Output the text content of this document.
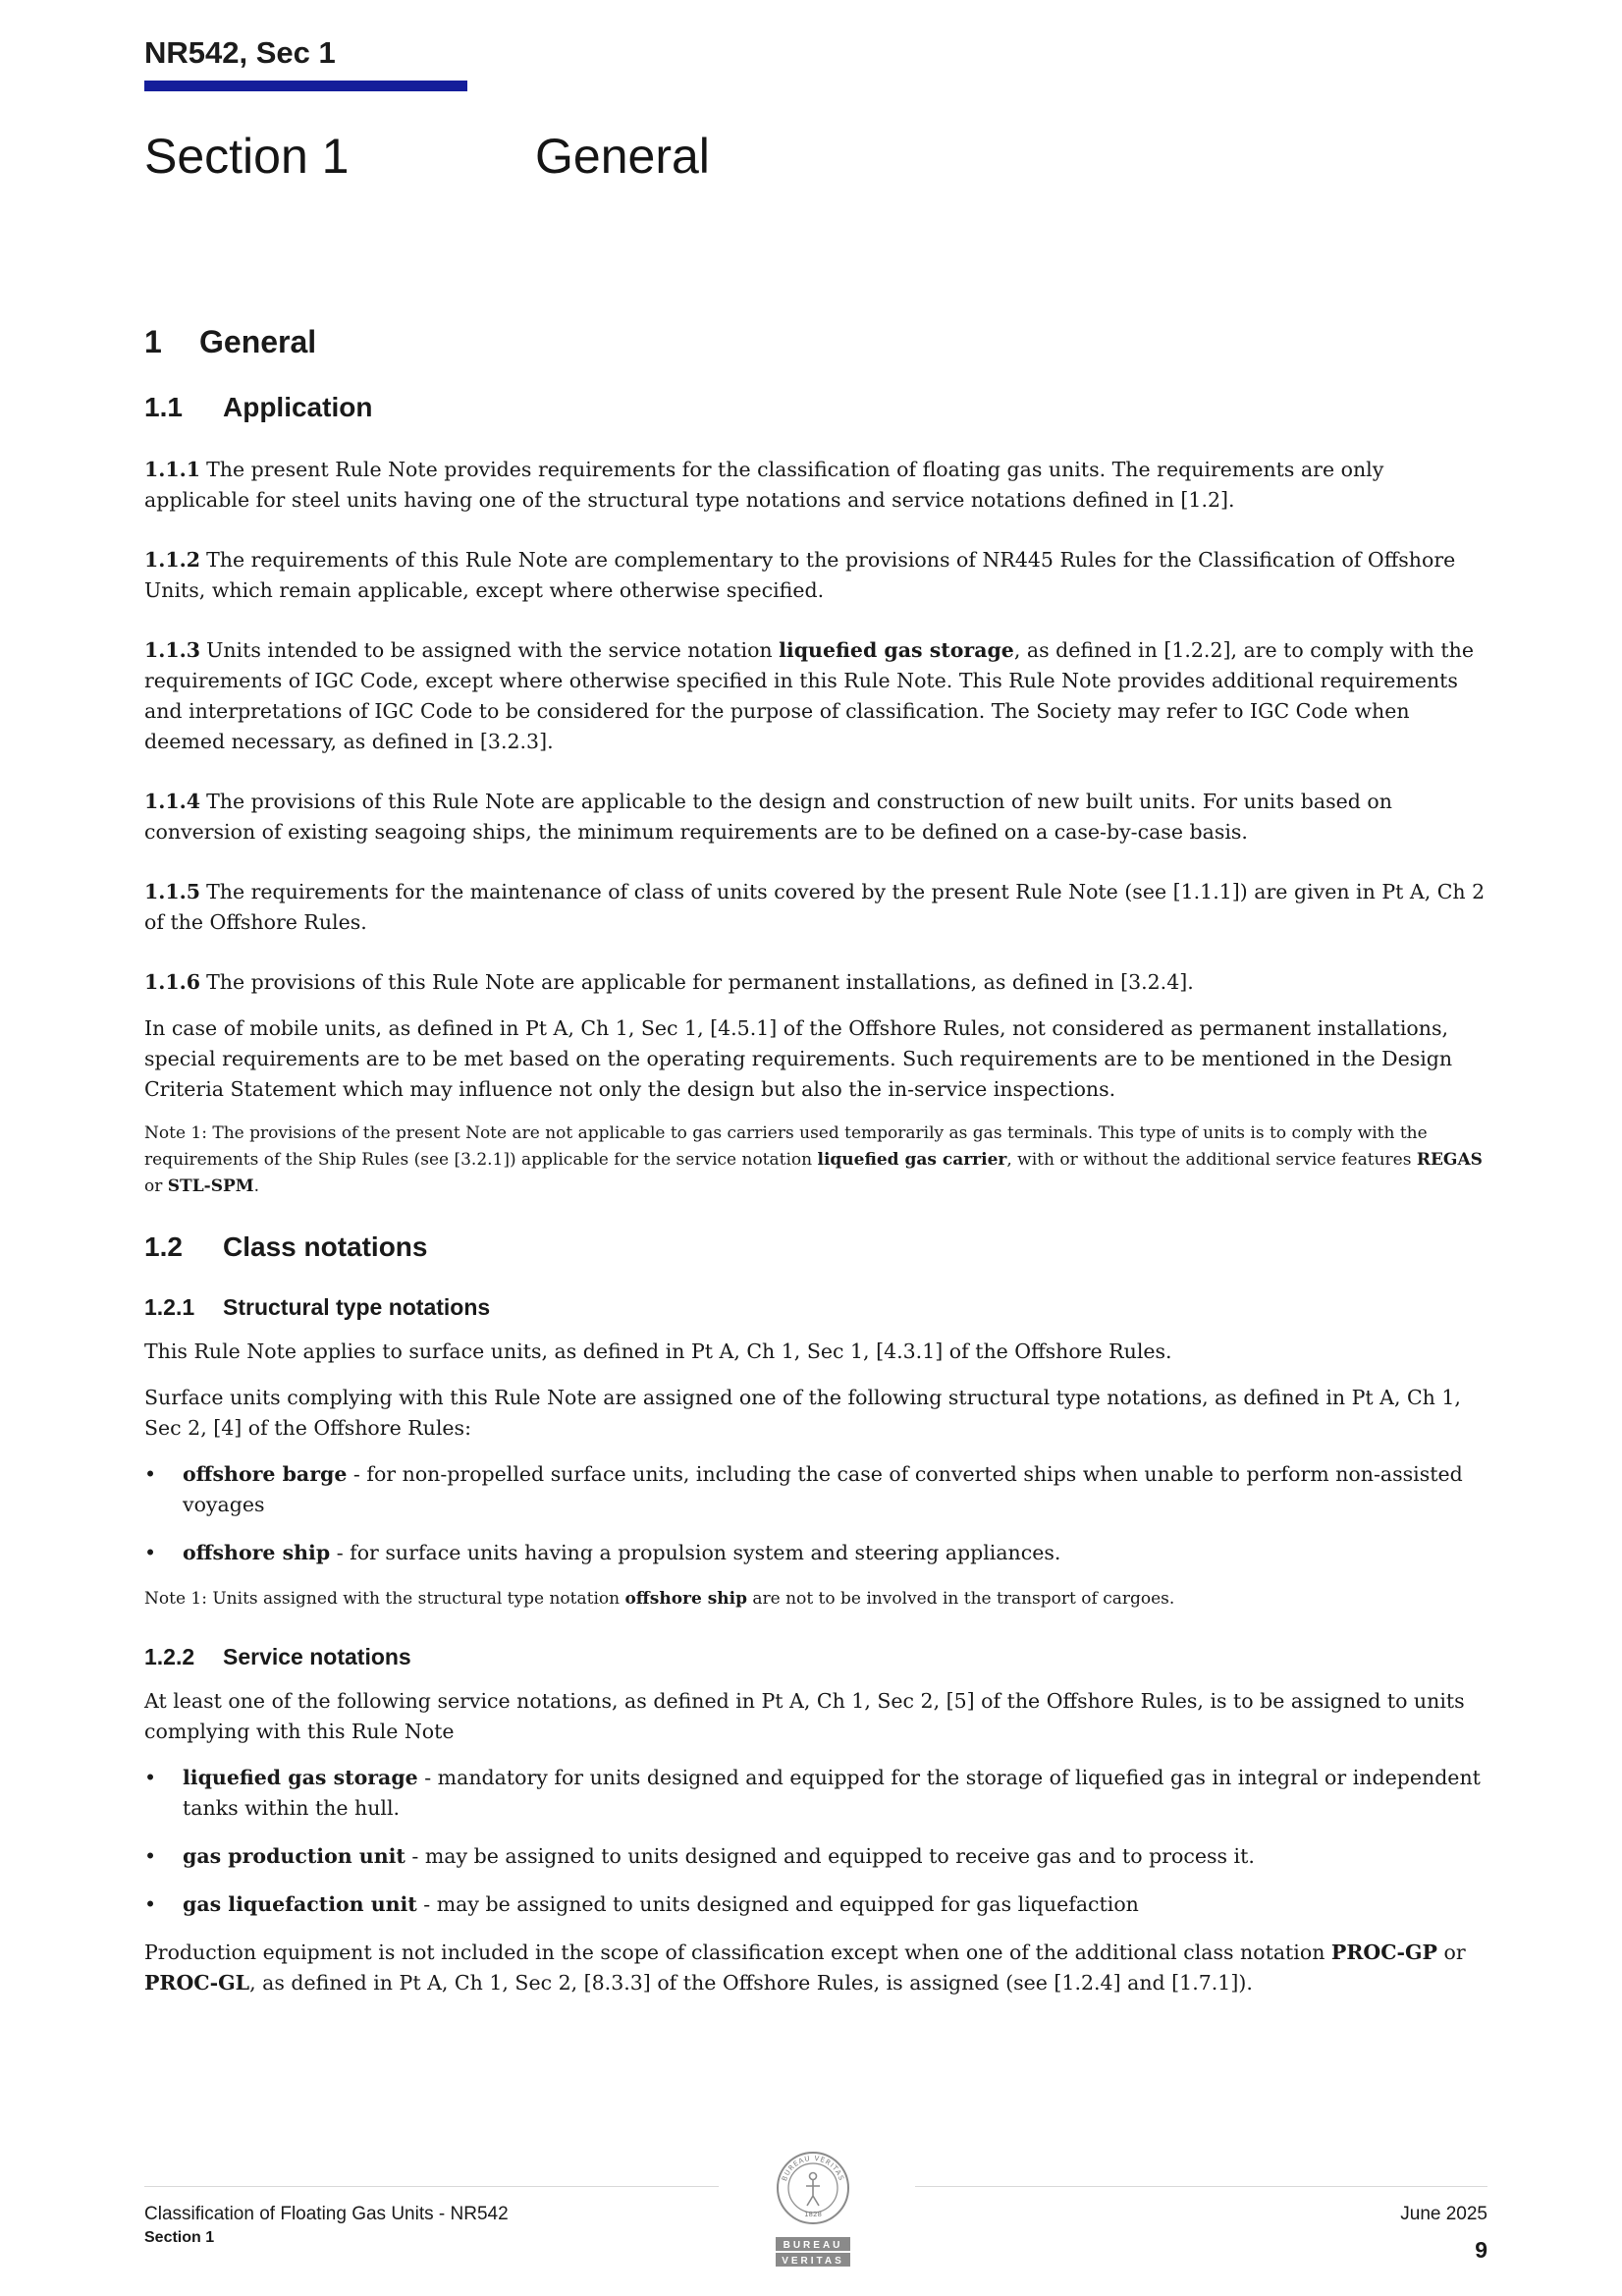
NR542, Sec 1
Section 1	General
1 General
1.1 Application

1.1.1 The present Rule Note provides requirements for the classification of floating gas units. The requirements are only applicable for steel units having one of the structural type notations and service notations defined in [1.2].

1.1.2 The requirements of this Rule Note are complementary to the provisions of NR445 Rules for the Classification of Offshore Units, which remain applicable, except where otherwise specified.

1.1.3 Units intended to be assigned with the service notation liquefied gas storage, as defined in [1.2.2], are to comply with the requirements of IGC Code, except where otherwise specified in this Rule Note. This Rule Note provides additional requirements and interpretations of IGC Code to be considered for the purpose of classification. The Society may refer to IGC Code when deemed necessary, as defined in [3.2.3].

1.1.4 The provisions of this Rule Note are applicable to the design and construction of new built units. For units based on conversion of existing seagoing ships, the minimum requirements are to be defined on a case-by-case basis.

1.1.5 The requirements for the maintenance of class of units covered by the present Rule Note (see [1.1.1]) are given in Pt A, Ch 2 of the Offshore Rules.

1.1.6 The provisions of this Rule Note are applicable for permanent installations, as defined in [3.2.4].

In case of mobile units, as defined in Pt A, Ch 1, Sec 1, [4.5.1] of the Offshore Rules, not considered as permanent installations, special requirements are to be met based on the operating requirements. Such requirements are to be mentioned in the Design Criteria Statement which may influence not only the design but also the in-service inspections.

Note 1: The provisions of the present Note are not applicable to gas carriers used temporarily as gas terminals. This type of units is to comply with the requirements of the Ship Rules (see [3.2.1]) applicable for the service notation liquefied gas carrier, with or without the additional service features REGAS or STL-SPM.

1.2 Class notations
1.2.1 Structural type notations

This Rule Note applies to surface units, as defined in Pt A, Ch 1, Sec 1, [4.3.1] of the Offshore Rules.

Surface units complying with this Rule Note are assigned one of the following structural type notations, as defined in Pt A, Ch 1, Sec 2, [4] of the Offshore Rules:

• offshore barge - for non-propelled surface units, including the case of converted ships when unable to perform non-assisted voyages
• offshore ship - for surface units having a propulsion system and steering appliances.

Note 1: Units assigned with the structural type notation offshore ship are not to be involved in the transport of cargoes.

1.2.2 Service notations

At least one of the following service notations, as defined in Pt A, Ch 1, Sec 2, [5] of the Offshore Rules, is to be assigned to units complying with this Rule Note

• liquefied gas storage - mandatory for units designed and equipped for the storage of liquefied gas in integral or independent tanks within the hull.
• gas production unit - may be assigned to units designed and equipped to receive gas and to process it.
• gas liquefaction unit - may be assigned to units designed and equipped for gas liquefaction

Production equipment is not included in the scope of classification except when one of the additional class notation PROC-GP or PROC-GL, as defined in Pt A, Ch 1, Sec 2, [8.3.3] of the Offshore Rules, is assigned (see [1.2.4] and [1.7.1]).

Classification of Floating Gas Units - NR542
Section 1
June 2025
9
BUREAU VERITAS
1828
BUREAU
VERITAS
